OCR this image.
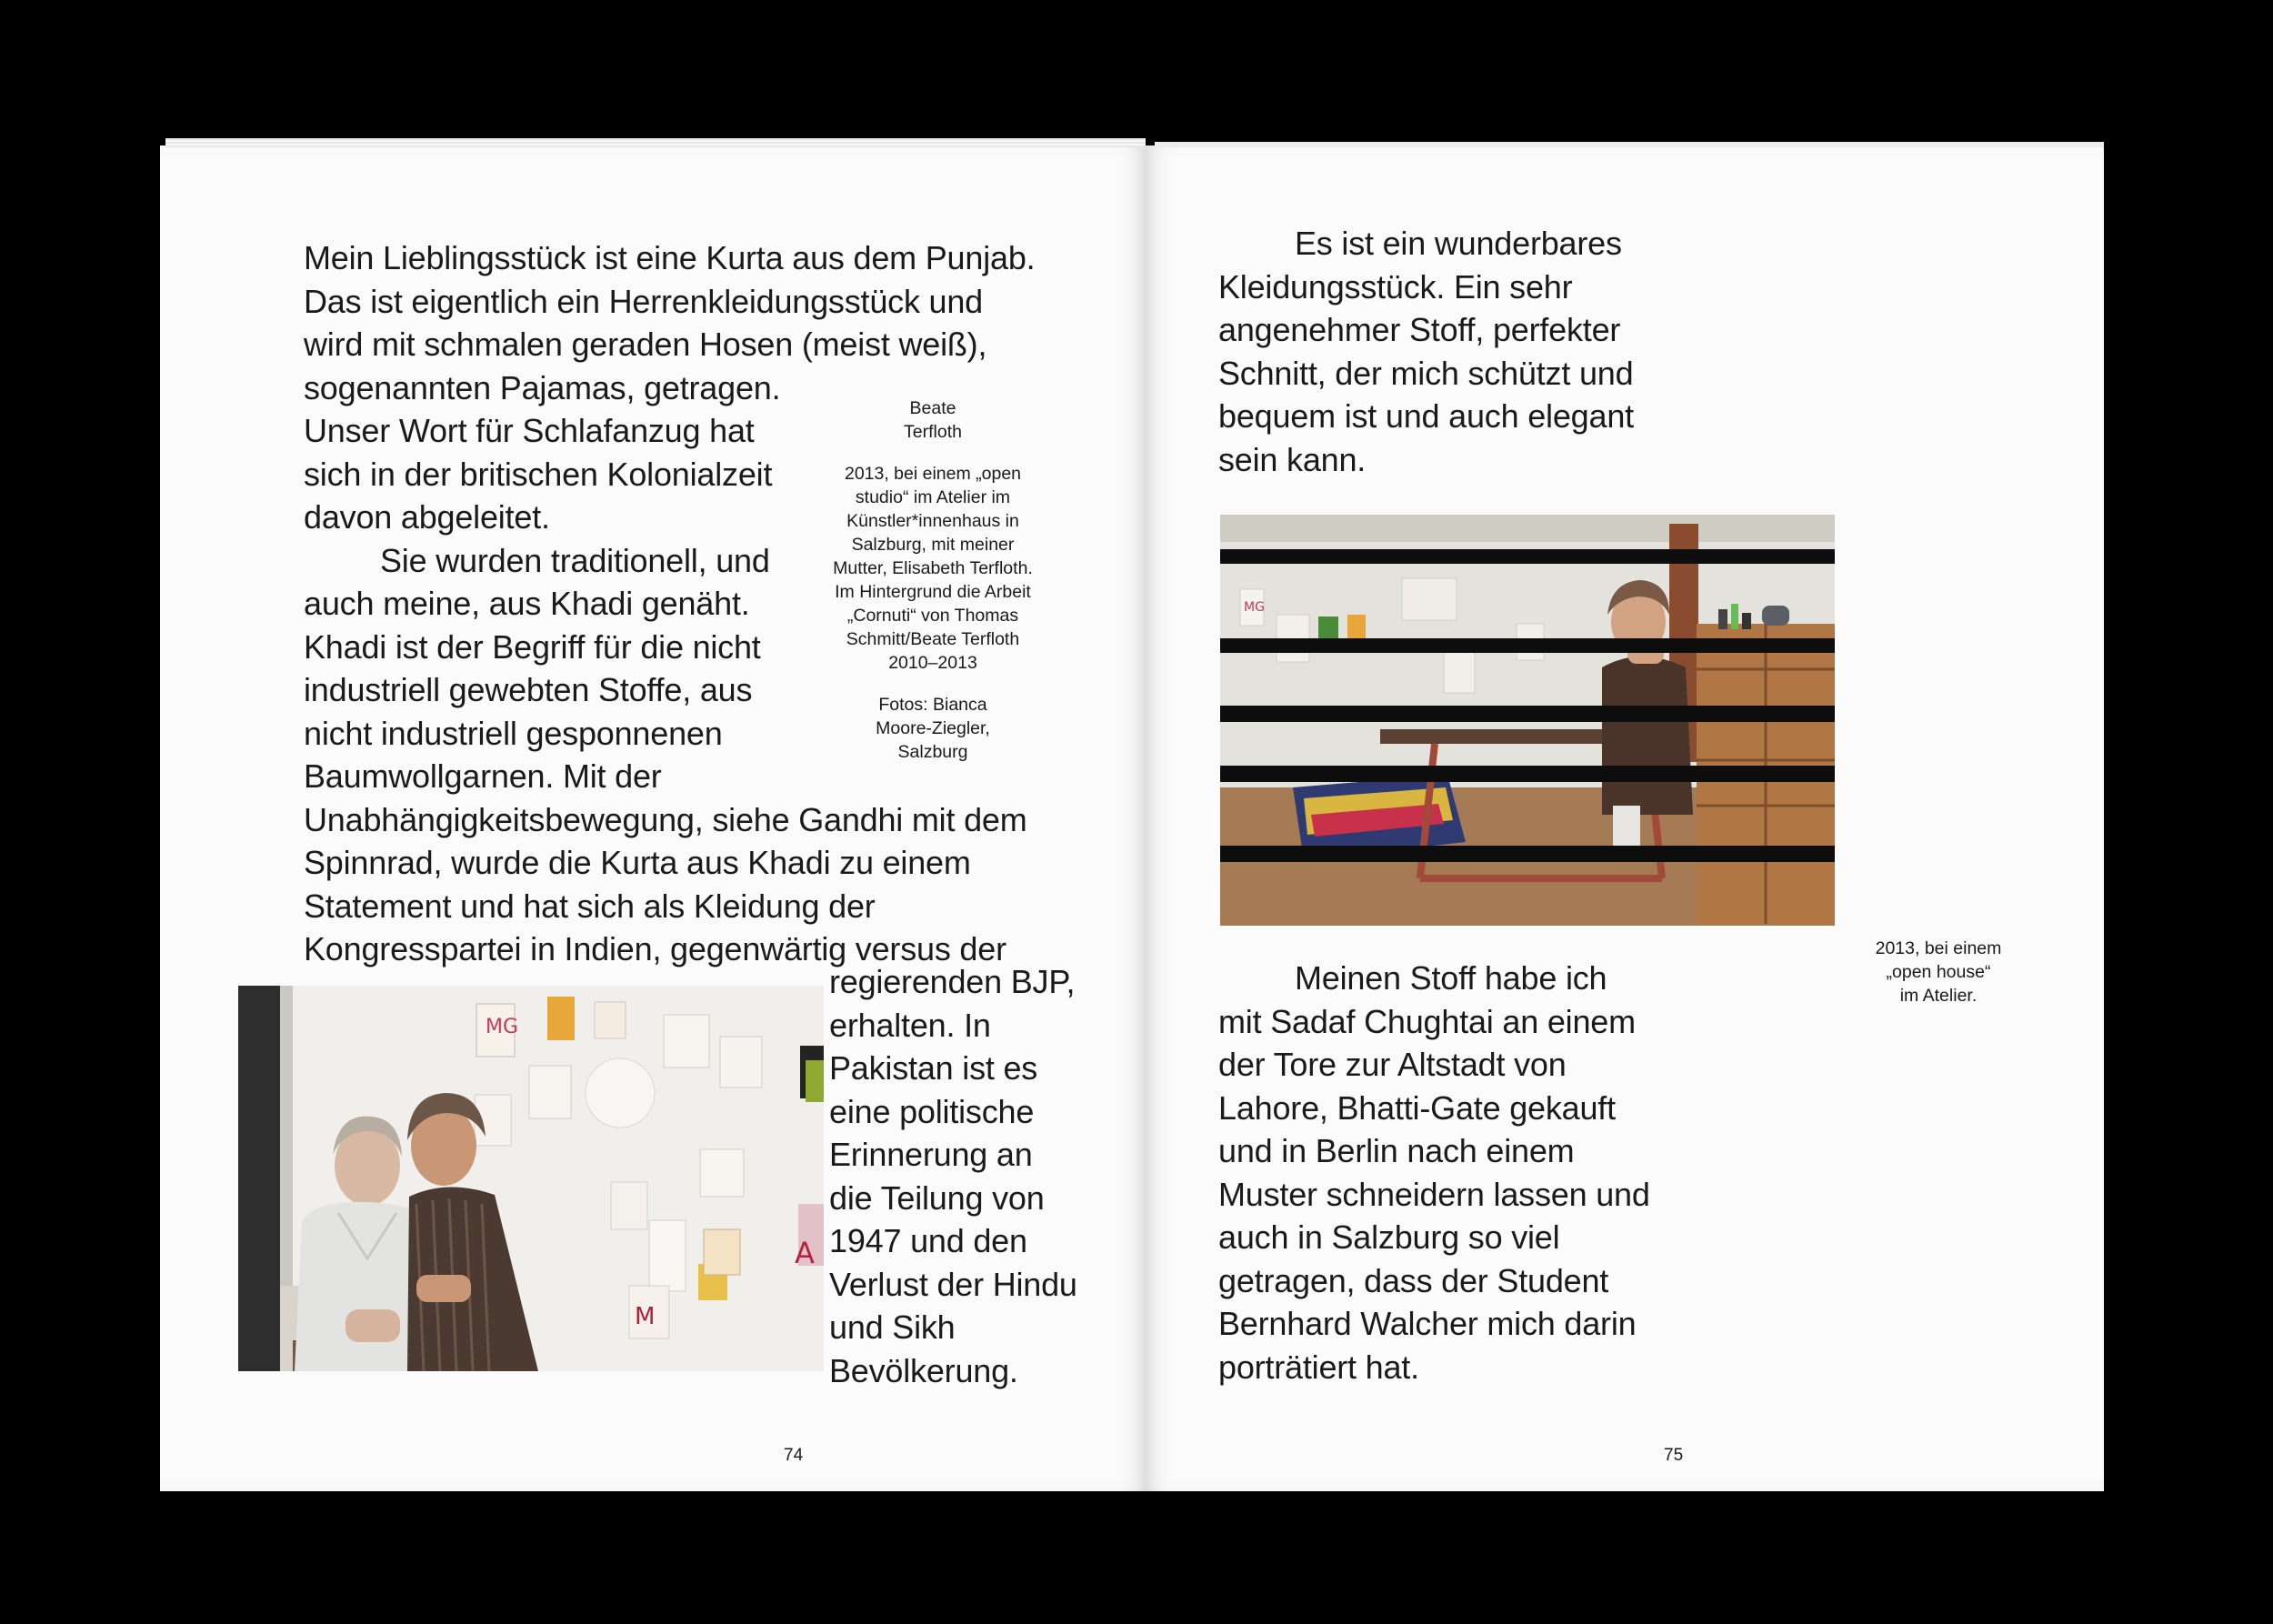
Mein Lieblingsstück ist eine Kurta aus dem Punjab.
Das ist eigentlich ein Herrenkleidungsstück und
wird mit schmalen geraden Hosen (meist weiß),
sogenannten Pajamas, getragen.
Unser Wort für Schlafanzug hat
sich in der britischen Kolonialzeit
davon abgeleitet.
Sie wurden traditionell, und
auch meine, aus Khadi genäht.
Khadi ist der Begriff für die nicht
industriell gewebten Stoffe, aus
nicht industriell gesponnenen
Baumwollgarnen. Mit der
Unabhängigkeitsbewegung, siehe Gandhi mit dem
Spinnrad, wurde die Kurta aus Khadi zu einem
Statement und hat sich als Kleidung der
Kongresspartei in Indien, gegenwärtig versus der
Beate
Terfloth
2013, bei einem „open
studio“ im Atelier im
Künstler*innenhaus in
Salzburg, mit meiner
Mutter, Elisabeth Terfloth.
Im Hintergrund die Arbeit
„Cornuti“ von Thomas
Schmitt/Beate Terfloth
2010–2013
Fotos: Bianca
Moore-Ziegler,
Salzburg
MG
A
M
regierenden BJP,
erhalten. In
Pakistan ist es
eine politische
Erinnerung an
die Teilung von
1947 und den
Verlust der Hindu
und Sikh
Bevölkerung.
74
Es ist ein wunderbares
Kleidungsstück. Ein sehr
angenehmer Stoff, perfekter
Schnitt, der mich schützt und
bequem ist und auch elegant
sein kann.
MG
2013, bei einem
„open house“
im Atelier.
Meinen Stoff habe ich
mit Sadaf Chughtai an einem
der Tore zur Altstadt von
Lahore, Bhatti-Gate gekauft
und in Berlin nach einem
Muster schneidern lassen und
auch in Salzburg so viel
getragen, dass der Student
Bernhard Walcher mich darin
porträtiert hat.
75
